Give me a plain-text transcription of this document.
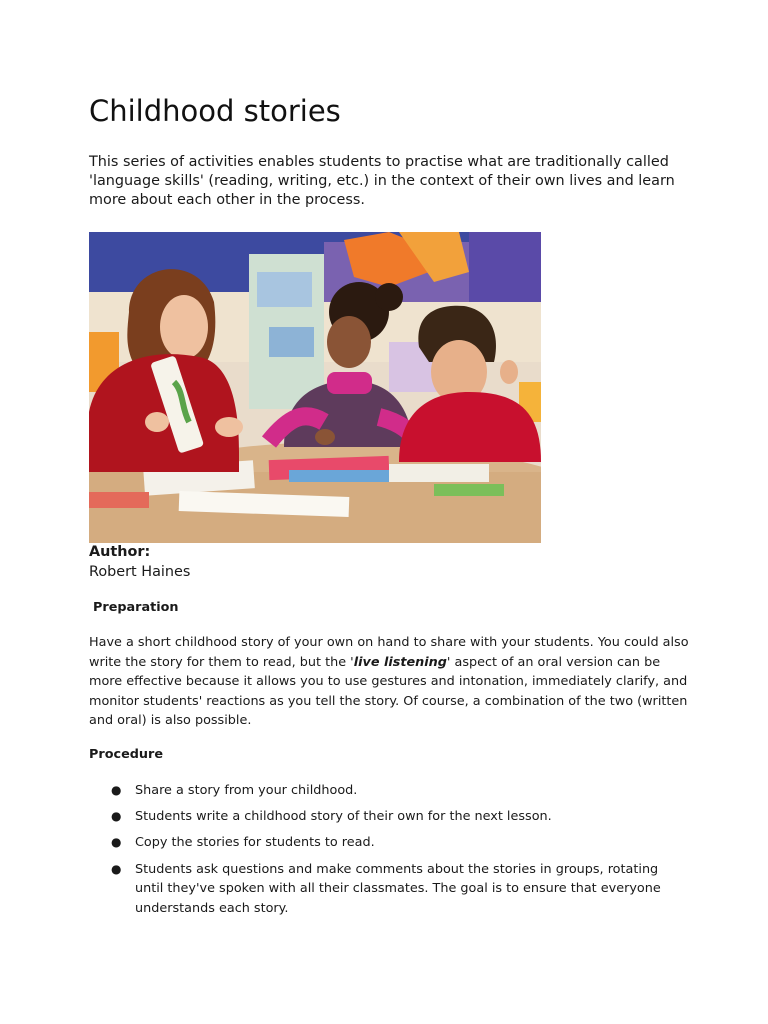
Childhood stories

This series of activities enables students to practise what are traditionally called 'language skills' (reading, writing, etc.) in the context of their own lives and learn more about each other in the process.

Author:

Robert Haines

Preparation

Have a short childhood story of your own on hand to share with your students. You could also write the story for them to read, but the 'live listening' aspect of an oral version can be more effective because it allows you to use gestures and intonation, immediately clarify, and monitor students' reactions as you tell the story. Of course, a combination of the two (written and oral) is also possible.

Procedure

● Share a story from your childhood.
● Students write a childhood story of their own for the next lesson.
● Copy the stories for students to read.
● Students ask questions and make comments about the stories in groups, rotating until they've spoken with all their classmates. The goal is to ensure that everyone understands each story.
